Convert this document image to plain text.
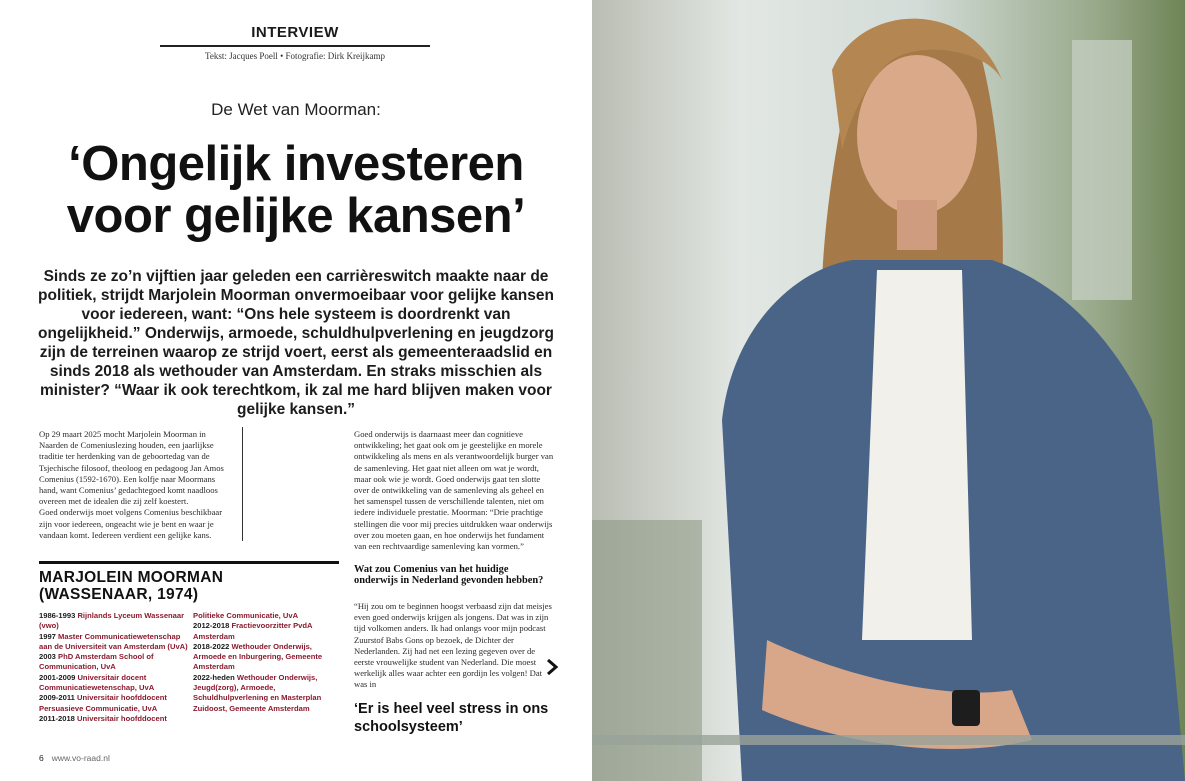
INTERVIEW
Tekst: Jacques Poell • Fotografie: Dirk Kreijkamp
De Wet van Moorman:
‘Ongelijk investeren
voor gelijke kansen’

Sinds ze zo’n vijftien jaar geleden een carrièreswitch maakte naar de politiek, strijdt Marjolein Moorman onvermoeibaar voor gelijke kansen voor iedereen, want: “Ons hele systeem is doordrenkt van ongelijkheid.” Onderwijs, armoede, schuldhulpverlening en jeugdzorg zijn de terreinen waarop ze strijd voert, eerst als gemeenteraadslid en sinds 2018 als wethouder van Amsterdam. En straks misschien als minister? “Waar ik ook terechtkom, ik zal me hard blijven maken voor gelijke kansen.”

Op 29 maart 2025 mocht Marjolein Moorman in Naarden de Comeniuslezing houden, een jaarlijkse traditie ter herdenking van de geboortedag van de Tsjechische filosoof, theoloog en pedagoog Jan Amos Comenius (1592-1670). Een kolfje naar Moormans hand, want Comenius’ gedachtegoed komt naadloos overeen met de idealen die zij zelf koestert.

Goed onderwijs moet volgens Comenius beschikbaar zijn voor iedereen, ongeacht wie je bent en waar je vandaan komt. Iedereen verdient een gelijke kans.

Goed onderwijs is daarnaast meer dan cognitieve ontwikkeling; het gaat ook om je geestelijke en morele ontwikkeling als mens en als verantwoordelijk burger van de samenleving. Het gaat niet alleen om wat je wordt, maar ook wie je wordt. Goed onderwijs gaat ten slotte over de ontwikkeling van de samenleving als geheel en het samenspel tussen de verschillende talenten, niet om iedere individuele prestatie. Moorman: “Drie prachtige stellingen die voor mij precies uitdrukken waar onderwijs over zou moeten gaan, en hoe onderwijs het fundament van een rechtvaardige samenleving kan vormen.”

MARJOLEIN MOORMAN
(WASSENAAR, 1974)
1986-1993 Rijnlands Lyceum Wassenaar (vwo)
1997 Master Communicatiewetenschap aan de Universiteit van Amsterdam (UvA)
2003 PhD Amsterdam School of Communication, UvA
2001-2009 Universitair docent Communicatiewetenschap, UvA
2009-2011 Universitair hoofddocent Persuasieve Communicatie, UvA
2011-2018 Universitair hoofddocent
Politieke Communicatie, UvA
2012-2018 Fractievoorzitter PvdA Amsterdam
2018-2022 Wethouder Onderwijs, Armoede en Inburgering, Gemeente Amsterdam
2022-heden Wethouder Onderwijs, Jeugd(zorg), Armoede, Schuldhulpverlening en Masterplan Zuidoost, Gemeente Amsterdam
Wat zou Comenius van het huidige onderwijs in Nederland gevonden hebben?

“Hij zou om te beginnen hoogst verbaasd zijn dat meisjes even goed onderwijs krijgen als jongens. Dat was in zijn tijd volkomen anders. Ik had onlangs voor mijn podcast Zuurstof Babs Gons op bezoek, de Dichter der Nederlanden. Zij had net een lezing gegeven over de eerste vrouwelijke student van Nederland. Die moest werkelijk alles waar achter een gordijn les volgen! Dat was in

‘Er is heel veel stress in ons schoolsysteem’
6 www.vo-raad.nl
